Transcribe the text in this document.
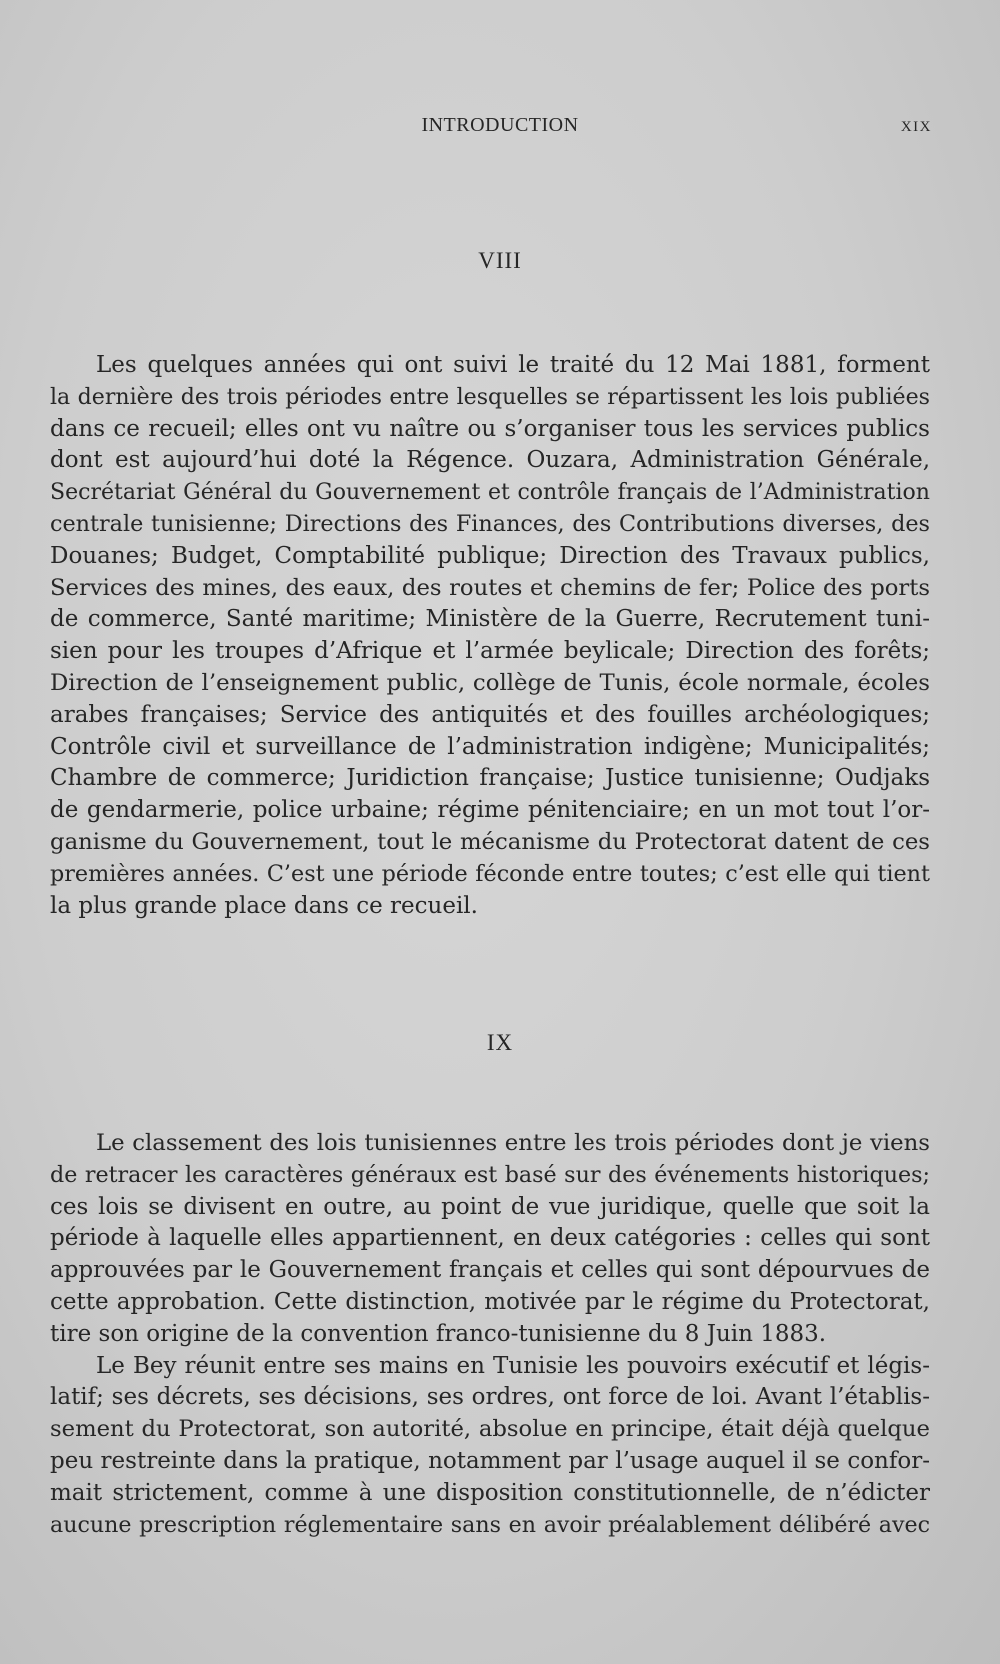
INTRODUCTION	XIX
VIII
Les quelques années qui ont suivi le traité du 12 Mai 1881, forment
la dernière des trois périodes entre lesquelles se répartissent les lois publiées
dans ce recueil; elles ont vu naître ou s’organiser tous les services publics
dont est aujourd’hui doté la Régence. Ouzara, Administration Générale,
Secrétariat Général du Gouvernement et contrôle français de l’Administration
centrale tunisienne; Directions des Finances, des Contributions diverses, des
Douanes; Budget, Comptabilité publique; Direction des Travaux publics,
Services des mines, des eaux, des routes et chemins de fer; Police des ports
de commerce, Santé maritime; Ministère de la Guerre, Recrutement tuni-
sien pour les troupes d’Afrique et l’armée beylicale; Direction des forêts;
Direction de l’enseignement public, collège de Tunis, école normale, écoles
arabes françaises; Service des antiquités et des fouilles archéologiques;
Contrôle civil et surveillance de l’administration indigène; Municipalités;
Chambre de commerce; Juridiction française; Justice tunisienne; Oudjaks
de gendarmerie, police urbaine; régime pénitenciaire; en un mot tout l’or-
ganisme du Gouvernement, tout le mécanisme du Protectorat datent de ces
premières années. C’est une période féconde entre toutes; c’est elle qui tient
la plus grande place dans ce recueil.
IX
Le classement des lois tunisiennes entre les trois périodes dont je viens
de retracer les caractères généraux est basé sur des événements historiques;
ces lois se divisent en outre, au point de vue juridique, quelle que soit la
période à laquelle elles appartiennent, en deux catégories : celles qui sont
approuvées par le Gouvernement français et celles qui sont dépourvues de
cette approbation. Cette distinction, motivée par le régime du Protectorat,
tire son origine de la convention franco-tunisienne du 8 Juin 1883.
Le Bey réunit entre ses mains en Tunisie les pouvoirs exécutif et légis-
latif; ses décrets, ses décisions, ses ordres, ont force de loi. Avant l’établis-
sement du Protectorat, son autorité, absolue en principe, était déjà quelque
peu restreinte dans la pratique, notamment par l’usage auquel il se confor-
mait strictement, comme à une disposition constitutionnelle, de n’édicter
aucune prescription réglementaire sans en avoir préalablement délibéré avec
